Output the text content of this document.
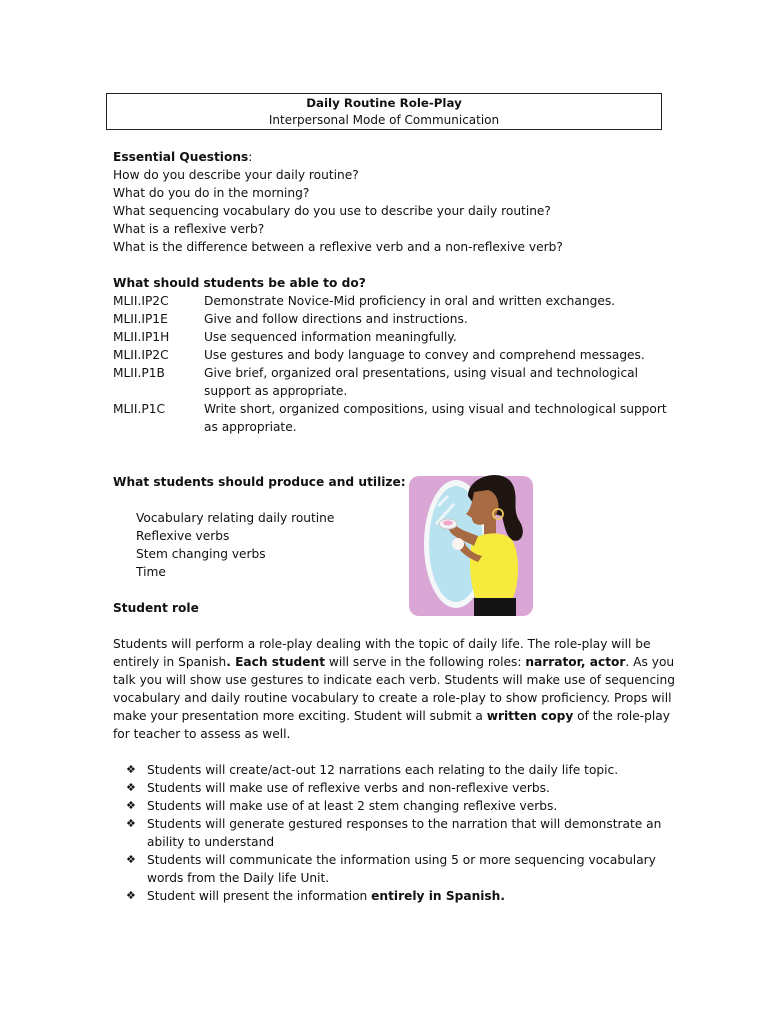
Daily Routine Role-Play
Interpersonal Mode of Communication
Essential Questions:
How do you describe your daily routine?
What do you do in the morning?
What sequencing vocabulary do you use to describe your daily routine?
What is a reflexive verb?
What is the difference between a reflexive verb and a non-reflexive verb?
What should students be able to do?
MLII.IP2C	Demonstrate Novice-Mid proficiency in oral and written exchanges.
MLII.IP1E	Give and follow directions and instructions.
MLII.IP1H	Use sequenced information meaningfully.
MLII.IP2C	Use gestures and body language to convey and comprehend messages.
MLII.P1B	Give brief, organized oral presentations, using visual and technological
support as appropriate.
MLII.P1C	Write short, organized compositions, using visual and technological support
as appropriate.
What students should produce and utilize:
Vocabulary relating daily routine
Reflexive verbs
Stem changing verbs
Time
Student role
Students will perform a role-play dealing with the topic of daily life. The role-play will be
entirely in Spanish. Each student will serve in the following roles: narrator, actor. As you
talk you will show use gestures to indicate each verb. Students will make use of sequencing
vocabulary and daily routine vocabulary to create a role-play to show proficiency. Props will
make your presentation more exciting. Student will submit a written copy of the role-play
for teacher to assess as well.
❖ Students will create/act-out 12 narrations each relating to the daily life topic.
❖ Students will make use of reflexive verbs and non-reflexive verbs.
❖ Students will make use of at least 2 stem changing reflexive verbs.
❖ Students will generate gestured responses to the narration that will demonstrate an
ability to understand
❖ Students will communicate the information using 5 or more sequencing vocabulary
words from the Daily life Unit.
❖ Student will present the information entirely in Spanish.
